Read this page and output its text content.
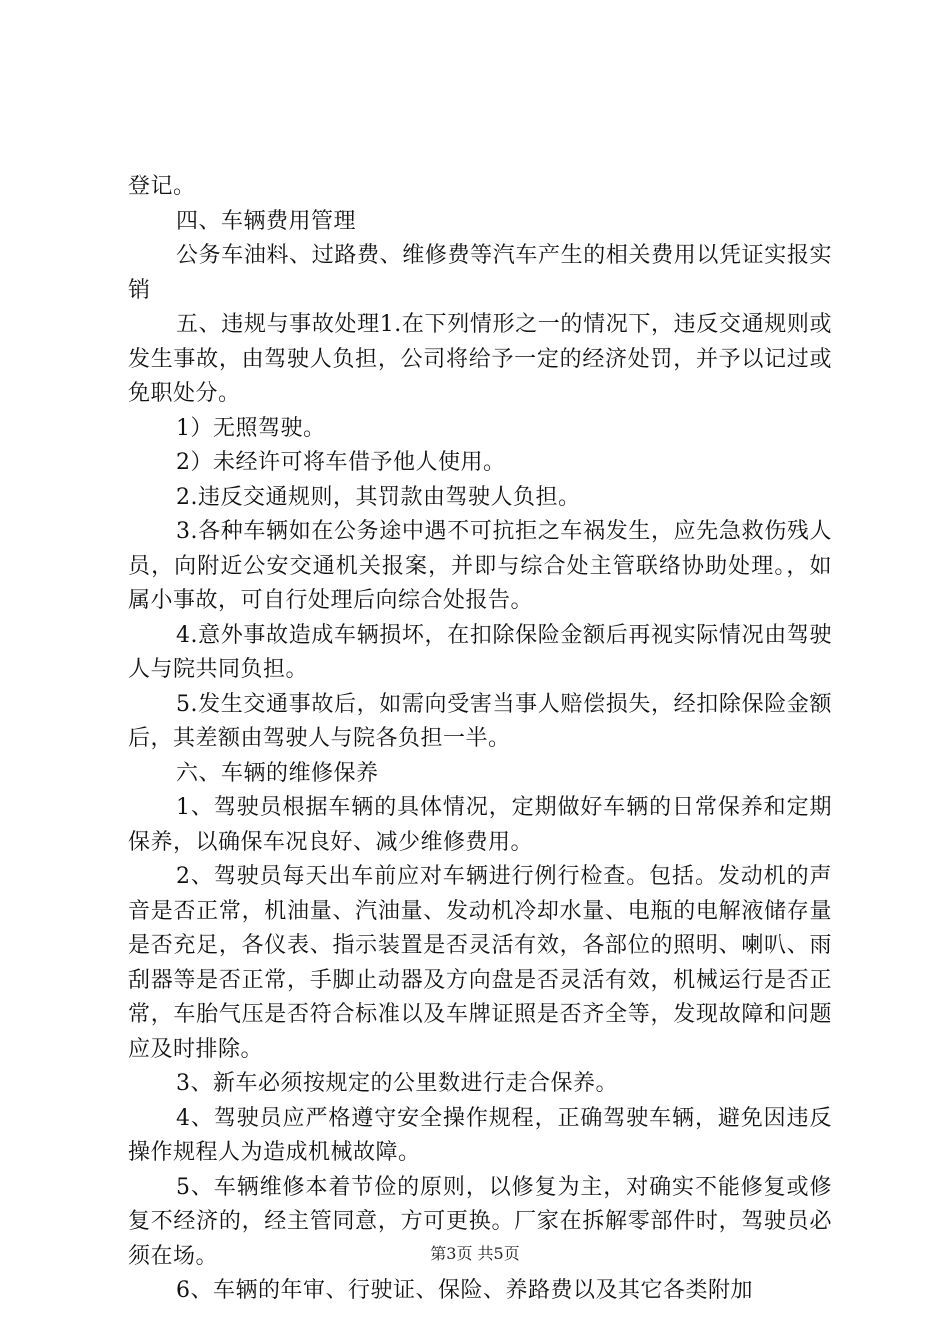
登记。

四、车辆费用管理

公务车油料、过路费、维修费等汽车产生的相关费用以凭证实报实销

五、违规与事故处理1.在下列情形之一的情况下，违反交通规则或发生事故，由驾驶人负担，公司将给予一定的经济处罚，并予以记过或免职处分。

1）无照驾驶。

2）未经许可将车借予他人使用。

2.违反交通规则，其罚款由驾驶人负担。

3.各种车辆如在公务途中遇不可抗拒之车祸发生，应先急救伤残人员，向附近公安交通机关报案，并即与综合处主管联络协助处理。，如属小事故，可自行处理后向综合处报告。

4.意外事故造成车辆损坏，在扣除保险金额后再视实际情况由驾驶人与院共同负担。

5.发生交通事故后，如需向受害当事人赔偿损失，经扣除保险金额后，其差额由驾驶人与院各负担一半。

六、车辆的维修保养

1、驾驶员根据车辆的具体情况，定期做好车辆的日常保养和定期保养，以确保车况良好、减少维修费用。

2、驾驶员每天出车前应对车辆进行例行检查。包括。发动机的声音是否正常，机油量、汽油量、发动机冷却水量、电瓶的电解液储存量是否充足，各仪表、指示装置是否灵活有效，各部位的照明、喇叭、雨刮器等是否正常，手脚止动器及方向盘是否灵活有效，机械运行是否正常，车胎气压是否符合标准以及车牌证照是否齐全等，发现故障和问题应及时排除。

3、新车必须按规定的公里数进行走合保养。

4、驾驶员应严格遵守安全操作规程，正确驾驶车辆，避免因违反操作规程人为造成机械故障。

5、车辆维修本着节俭的原则，以修复为主，对确实不能修复或修复不经济的，经主管同意，方可更换。厂家在拆解零部件时，驾驶员必须在场。

6、车辆的年审、行驶证、保险、养路费以及其它各类附加

第3页 共5页
